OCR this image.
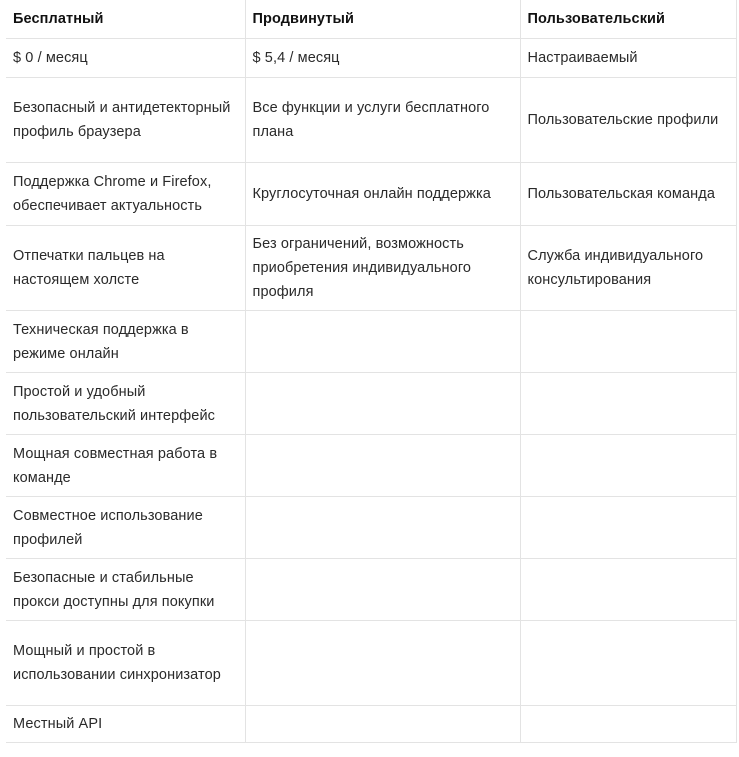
Бесплатный	Продвинутый	Пользовательский
$ 0 / месяц	$ 5,4 / месяц	Настраиваемый
Безопасный и антидетекторный профиль браузера	Все функции и услуги бесплатного плана	Пользовательские профили
Поддержка Chrome и Firefox, обеспечивает актуальность	Круглосуточная онлайн поддержка	Пользовательская команда
Отпечатки пальцев на настоящем холсте	Без ограничений, возможность приобретения индивидуального профиля	Служба индивидуального консультирования
Техническая поддержка в режиме онлайн		
Простой и удобный пользовательский интерфейс		
Мощная совместная работа в команде		
Совместное использование профилей		
Безопасные и стабильные прокси доступны для покупки		
Мощный и простой в использовании синхронизатор		
Местный API		
